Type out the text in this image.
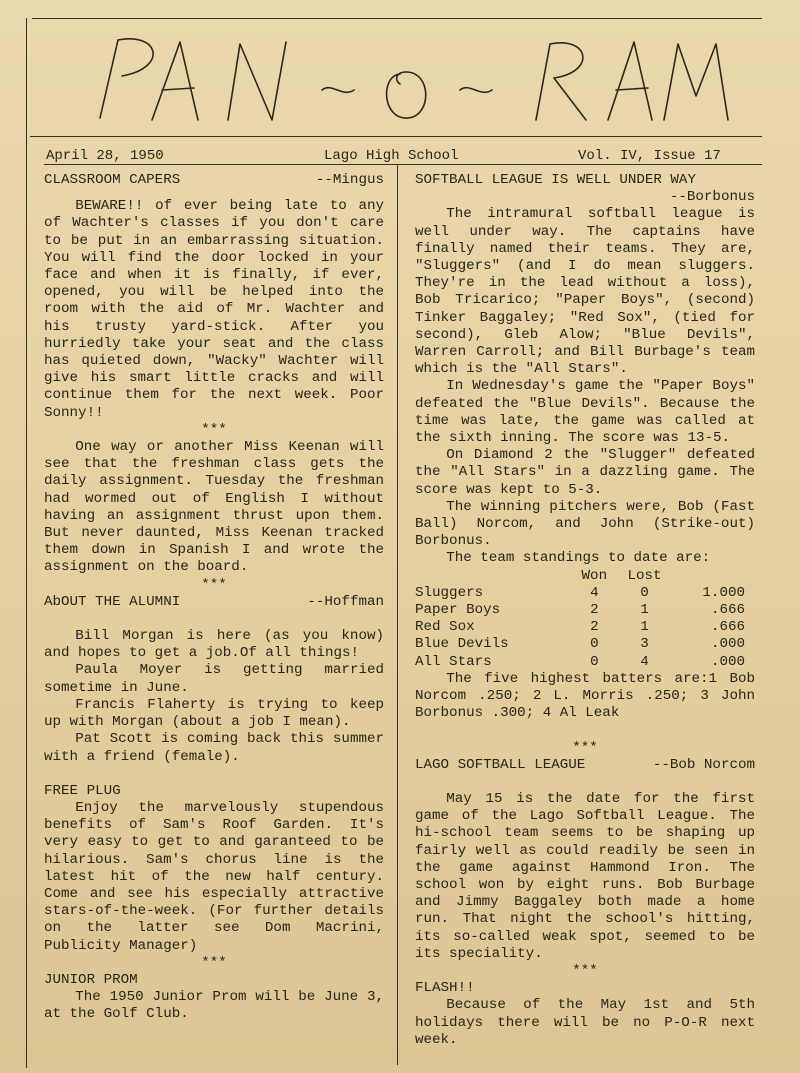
PAN-O-RAM
April 28, 1950	Lago High School	Vol. IV, Issue 17
CLASSROOM CAPERS	--Mingus
BEWARE!! of ever being late to any of Wachter's classes if you don't care to be put in an embarrassing situation. You will find the door locked in your face and when it is finally, if ever, opened, you will be helped into the room with the aid of Mr. Wachter and his trusty yard-stick. After you hurriedly take your seat and the class has quieted down, "Wacky" Wachter will give his smart little cracks and will continue them for the next week. Poor Sonny!!
***
One way or another Miss Keenan will see that the freshman class gets the daily assignment. Tuesday the freshman had wormed out of English I without having an assignment thrust upon them. But never daunted, Miss Keenan tracked them down in Spanish I and wrote the assignment on the board.
***
AbOUT THE ALUMNI	--Hoffman
Bill Morgan is here (as you know) and hopes to get a job.Of all things!
Paula Moyer is getting married sometime in June.
Francis Flaherty is trying to keep up with Morgan (about a job I mean).
Pat Scott is coming back this summer with a friend (female).
FREE PLUG
Enjoy the marvelously stupendous benefits of Sam's Roof Garden. It's very easy to get to and garanteed to be hilarious. Sam's chorus line is the latest hit of the new half century. Come and see his especially attractive stars-of-the-week. (For further details on the latter see Dom Macrini, Publicity Manager)
***
JUNIOR PROM
The 1950 Junior Prom will be June 3, at the Golf Club.
SOFTBALL LEAGUE IS WELL UNDER WAY
--Borbonus
The intramural softball league is well under way. The captains have finally named their teams. They are, "Sluggers" (and I do mean sluggers. They're in the lead without a loss), Bob Tricarico; "Paper Boys", (second) Tinker Baggaley; "Red Sox", (tied for second), Gleb Alow; "Blue Devils", Warren Carroll; and Bill Burbage's team which is the "All Stars".
In Wednesday's game the "Paper Boys" defeated the "Blue Devils". Because the time was late, the game was called at the sixth inning. The score was 13-5.
On Diamond 2 the "Slugger" defeated the "All Stars" in a dazzling game. The score was kept to 5-3.
The winning pitchers were, Bob (Fast Ball) Norcom, and John (Strike-out) Borbonus.
The team standings to date are:
	Won	Lost	
Sluggers	4	0	1.000
Paper Boys	2	1	.666
Red Sox	2	1	.666
Blue Devils	0	3	.000
All Stars	0	4	.000
The five highest batters are:1 Bob Norcom .250; 2 L. Morris .250; 3 John Borbonus .300; 4 Al Leak
***
LAGO SOFTBALL LEAGUE	--Bob Norcom
May 15 is the date for the first game of the Lago Softball League. The hi-school team seems to be shaping up fairly well as could readily be seen in the game against Hammond Iron. The school won by eight runs. Bob Burbage and Jimmy Baggaley both made a home run. That night the school's hitting, its so-called weak spot, seemed to be its speciality.
***
FLASH!!
Because of the May 1st and 5th holidays there will be no P-O-R next week.
